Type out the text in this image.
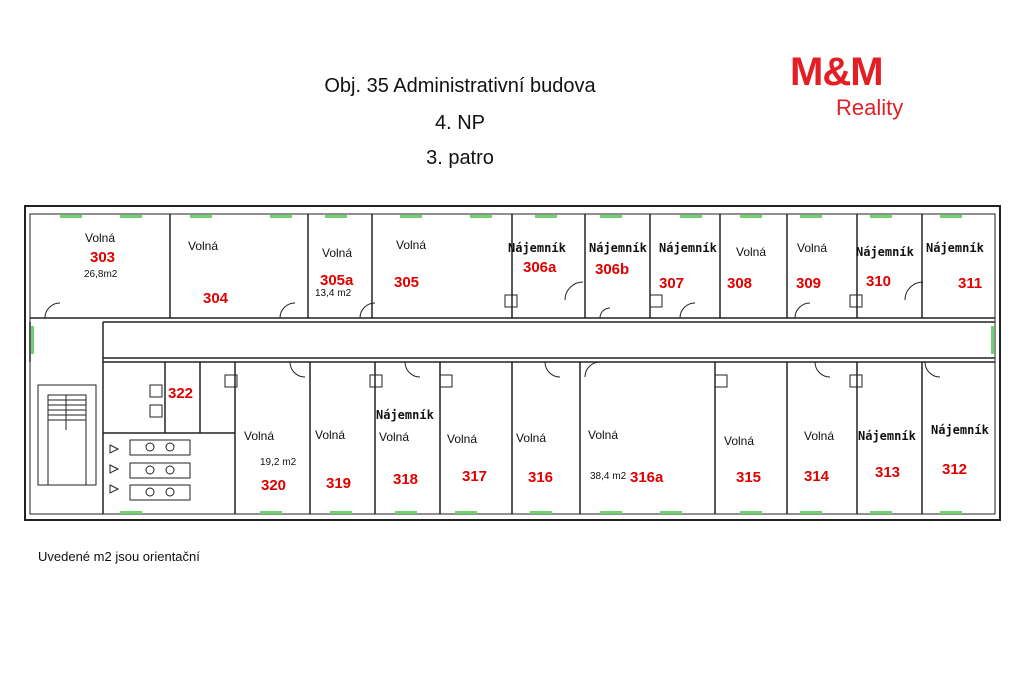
Obj. 35 Administrativní budova
4. NP
3. patro
M&M
Reality
Volná
303
26,8m2
Volná
304
Volná
305a
13,4 m2
Volná
305
Nájemník
306a
Nájemník
306b
Nájemník
307
Volná
308
Volná
309
Nájemník
310
Nájemník
311
322
Volná
19,2 m2
320
Volná
319
Nájemník
Volná
318
Volná
317
Volná
316
Volná
38,4 m2 316a
Volná
315
Volná
314
Nájemník
313
Nájemník
312
Uvedené m2 jsou orientační
